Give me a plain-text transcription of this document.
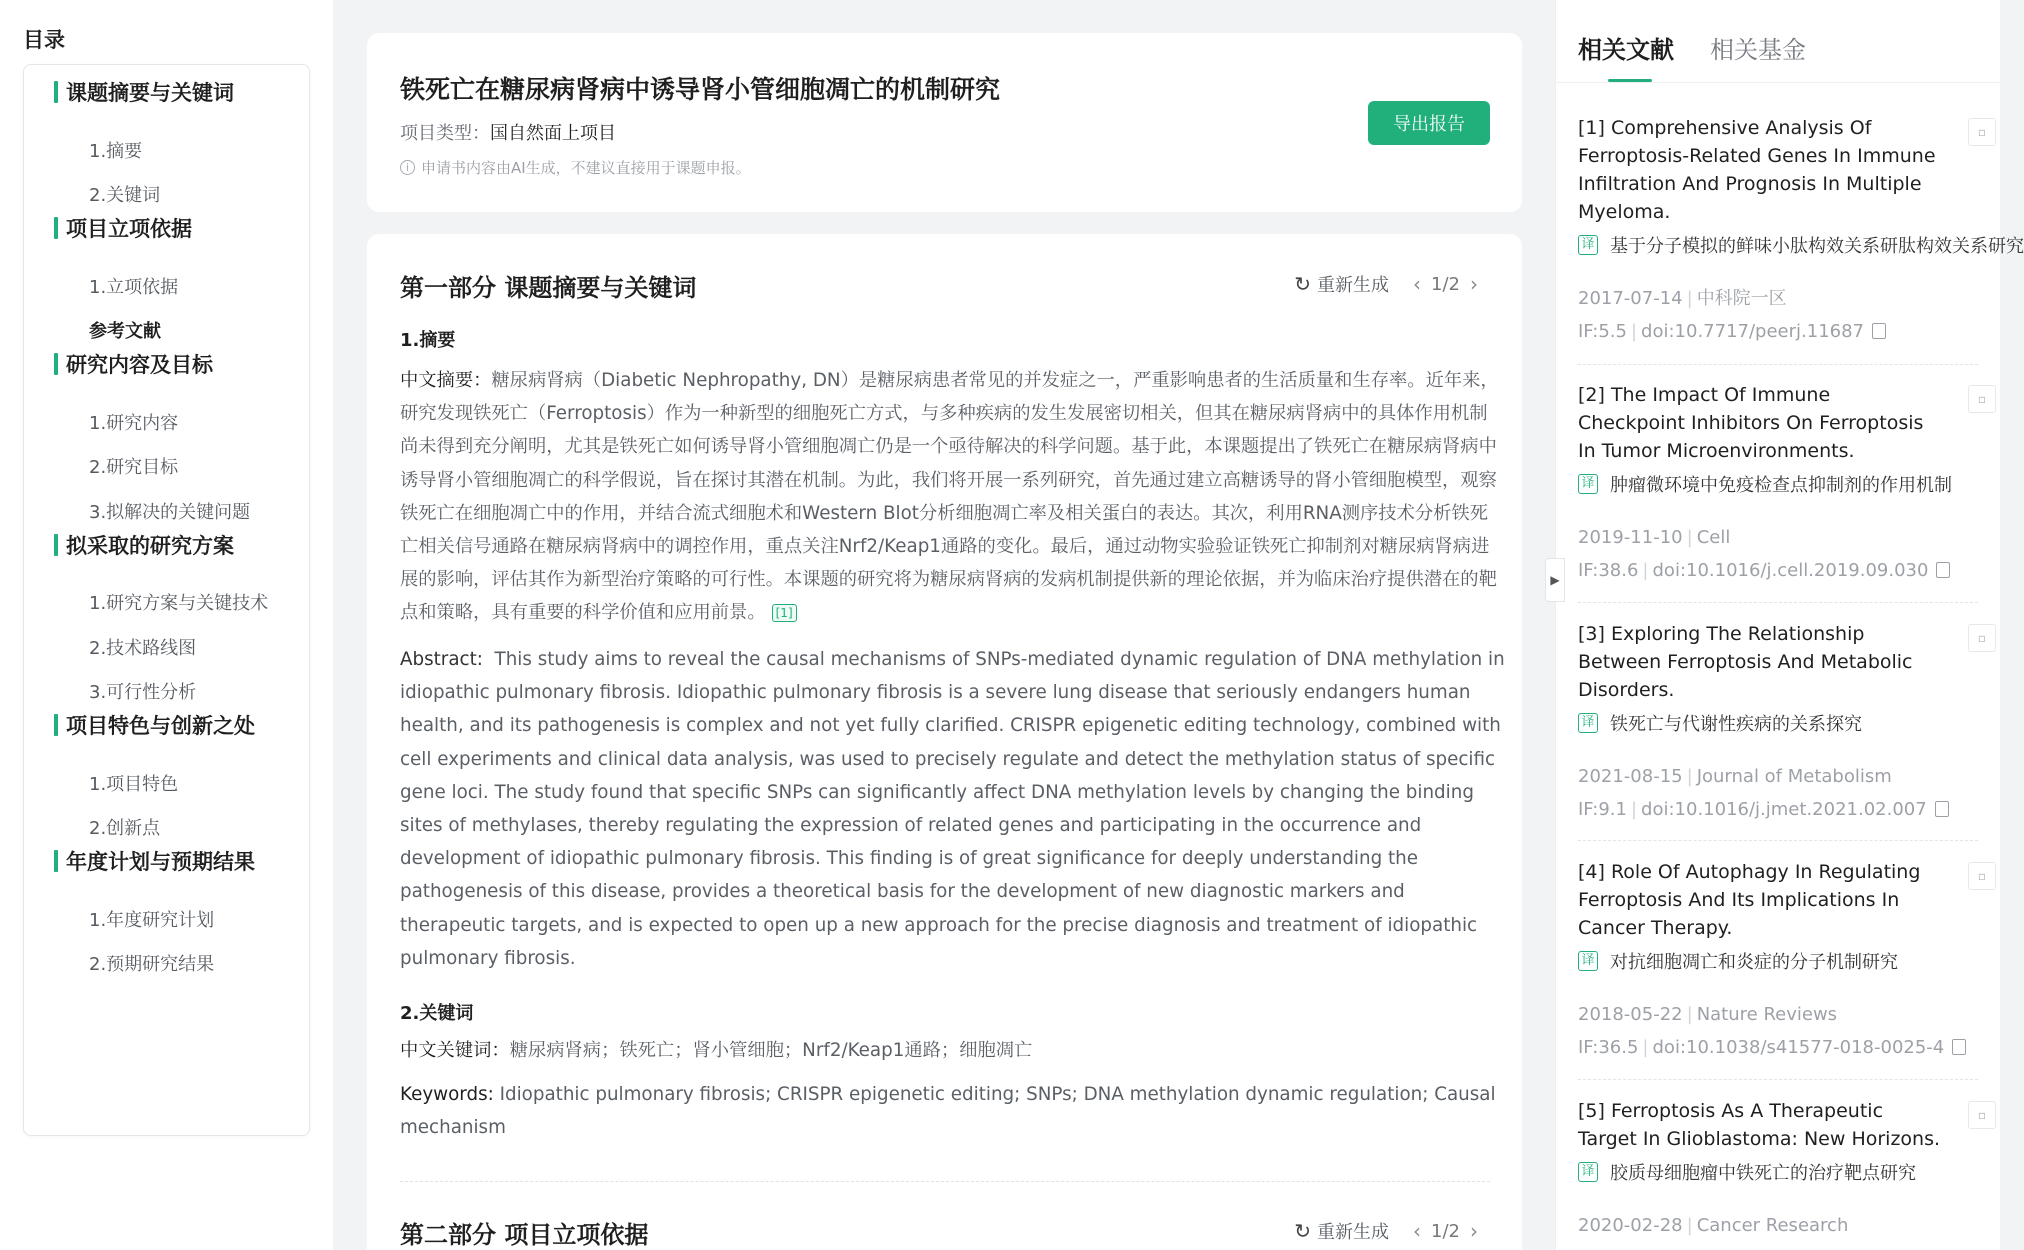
目录
课题摘要与关键词
1.摘要
2.关键词
项目立项依据
1.立项依据
参考文献
研究内容及目标
1.研究内容
2.研究目标
3.拟解决的关键问题
拟采取的研究方案
1.研究方案与关键技术
2.技术路线图
3.可行性分析
项目特色与创新之处
1.项目特色
2.创新点
年度计划与预期结果
1.年度研究计划
2.预期研究结果
铁死亡在糖尿病肾病中诱导肾小管细胞凋亡的机制研究
项目类型：国自然面上项目
i 申请书内容由AI生成，不建议直接用于课题申报。
导出报告
第一部分 课题摘要与关键词	↻ 重新生成	‹ 1/2 ›
1.摘要
中文摘要：糖尿病肾病（Diabetic Nephropathy, DN）是糖尿病患者常见的并发症之一，严重影响患者的生活质量和生存率。近年来，研究发现铁死亡（Ferroptosis）作为一种新型的细胞死亡方式，与多种疾病的发生发展密切相关，但其在糖尿病肾病中的具体作用机制尚未得到充分阐明，尤其是铁死亡如何诱导肾小管细胞凋亡仍是一个亟待解决的科学问题。基于此，本课题提出了铁死亡在糖尿病肾病中诱导肾小管细胞凋亡的科学假说，旨在探讨其潜在机制。为此，我们将开展一系列研究，首先通过建立高糖诱导的肾小管细胞模型，观察铁死亡在细胞凋亡中的作用，并结合流式细胞术和Western Blot分析细胞凋亡率及相关蛋白的表达。其次，利用RNA测序技术分析铁死亡相关信号通路在糖尿病肾病中的调控作用，重点关注Nrf2/Keap1通路的变化。最后，通过动物实验验证铁死亡抑制剂对糖尿病肾病进展的影响，评估其作为新型治疗策略的可行性。本课题的研究将为糖尿病肾病的发病机制提供新的理论依据，并为临床治疗提供潜在的靶点和策略，具有重要的科学价值和应用前景。 [1]
Abstract: This study aims to reveal the causal mechanisms of SNPs-mediated dynamic regulation of DNA methylation in idiopathic pulmonary fibrosis. Idiopathic pulmonary fibrosis is a severe lung disease that seriously endangers human health, and its pathogenesis is complex and not yet fully clarified. CRISPR epigenetic editing technology, combined with cell experiments and clinical data analysis, was used to precisely regulate and detect the methylation status of specific gene loci. The study found that specific SNPs can significantly affect DNA methylation levels by changing the binding sites of methylases, thereby regulating the expression of related genes and participating in the occurrence and development of idiopathic pulmonary fibrosis. This finding is of great significance for deeply understanding the pathogenesis of this disease, provides a theoretical basis for the development of new diagnostic markers and therapeutic targets, and is expected to open up a new approach for the precise diagnosis and treatment of idiopathic pulmonary fibrosis.
2.关键词
中文关键词：糖尿病肾病；铁死亡；肾小管细胞；Nrf2/Keap1通路；细胞凋亡
Keywords: Idiopathic pulmonary fibrosis; CRISPR epigenetic editing; SNPs; DNA methylation dynamic regulation; Causal mechanism
第二部分 项目立项依据	↻ 重新生成	‹ 1/2 ›
相关文献 相关基金
[1] Comprehensive Analysis Of Ferroptosis-Related Genes In Immune Infiltration And Prognosis In Multiple Myeloma.
译 基于分子模拟的鲜味小肽构效关系研肽构效关系研究
2017-07-14 | 中科院一区
IF:5.5 | doi:10.7717/peerj.11687
▫
[2] The Impact Of Immune Checkpoint Inhibitors On Ferroptosis In Tumor Microenvironments.
译 肿瘤微环境中免疫检查点抑制剂的作用机制
2019-11-10 | Cell
IF:38.6 | doi:10.1016/j.cell.2019.09.030
▫
[3] Exploring The Relationship Between Ferroptosis And Metabolic Disorders.
译 铁死亡与代谢性疾病的关系探究
2021-08-15 | Journal of Metabolism
IF:9.1 | doi:10.1016/j.jmet.2021.02.007
▫
[4] Role Of Autophagy In Regulating Ferroptosis And Its Implications In Cancer Therapy.
译 对抗细胞凋亡和炎症的分子机制研究
2018-05-22 | Nature Reviews
IF:36.5 | doi:10.1038/s41577-018-0025-4
▫
[5] Ferroptosis As A Therapeutic Target In Glioblastoma: New Horizons.
译 胶质母细胞瘤中铁死亡的治疗靶点研究
2020-02-28 | Cancer Research
▫
▶
